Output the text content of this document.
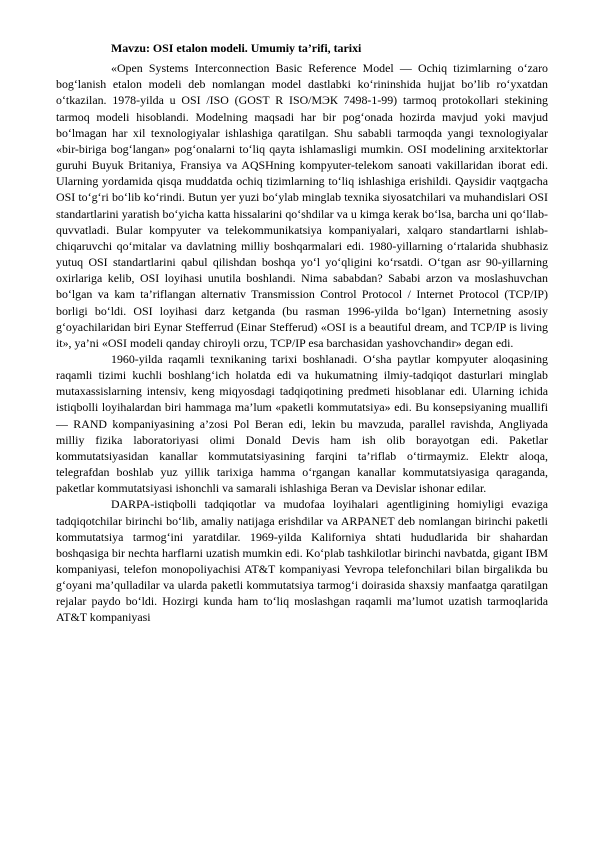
Mavzu: OSI etalon modeli. Umumiy ta’rifi, tarixi

«Open Systems Interconnection Basic Reference Model — Ochiq tizimlarning o‘zaro bog‘lanish etalon modeli deb nomlangan model dastlabki ko‘rininshida hujjat bo’lib ro‘yxatdan o‘tkazilan. 1978-yilda u OSI /ISO (GOST R ISO/МЭК 7498-1-99) tarmoq protokollari stekining tarmoq modeli hisoblandi. Modelning maqsadi har bir pog‘onada hozirda mavjud yoki mavjud bo‘lmagan har xil texnologiyalar ishlashiga qaratilgan. Shu sababli tarmoqda yangi texnologiyalar «bir-biriga bog‘langan» pog‘onalarni to‘liq qayta ishlamasligi mumkin. OSI modelining arxitektorlar guruhi Buyuk Britaniya, Fransiya va AQSHning kompyuter-telekom sanoati vakillaridan iborat edi. Ularning yordamida qisqa muddatda ochiq tizimlarning to‘liq ishlashiga erishildi. Qaysidir vaqtgacha OSI to‘g‘ri bo‘lib ko‘rindi. Butun yer yuzi bo‘ylab minglab texnika siyosatchilari va muhandislari OSI standartlarini yaratish bo‘yicha katta hissalarini qo‘shdilar va u kimga kerak bo‘lsa, barcha uni qo‘llab-quvvatladi. Bular kompyuter va telekommunikatsiya kompaniyalari, xalqaro standartlarni ishlab-chiqaruvchi qo‘mitalar va davlatning milliy boshqarmalari edi. 1980-yillarning o‘rtalarida shubhasiz yutuq OSI standartlarini qabul qilishdan boshqa yo‘l yo‘qligini ko‘rsatdi. O‘tgan asr 90-yillarning oxirlariga kelib, OSI loyihasi unutila boshlandi. Nima sababdan? Sababi arzon va moslashuvchan bo‘lgan va kam ta’riflangan alternativ Transmission Control Protocol / Internet Protocol (TCP/IP) borligi bo‘ldi. OSI loyihasi darz ketganda (bu rasman 1996-yilda bo‘lgan) Internetning asosiy g‘oyachilaridan biri Eynar Stefferrud (Einar Stefferud) «OSI is a beautiful dream, and TCP/IP is living it», ya’ni «OSI modeli qanday chiroyli orzu, TCP/IP esa barchasidan yashovchandir» degan edi.

1960-yilda raqamli texnikaning tarixi boshlanadi. O‘sha paytlar kompyuter aloqasining raqamli tizimi kuchli boshlang‘ich holatda edi va hukumatning ilmiy-tadqiqot dasturlari minglab mutaxassislarning intensiv, keng miqyosdagi tadqiqotining predmeti hisoblanar edi. Ularning ichida istiqbolli loyihalardan biri hammaga ma’lum «paketli kommutatsiya» edi. Bu konsepsiyaning muallifi — RAND kompaniyasining a’zosi Pol Beran edi, lekin bu mavzuda, parallel ravishda, Angliyada milliy fizika laboratoriyasi olimi Donald Devis ham ish olib borayotgan edi. Paketlar kommutatsiyasidan kanallar kommutatsiyasining farqini ta’riflab o‘tirmaymiz. Elektr aloqa, telegrafdan boshlab yuz yillik tarixiga hamma o‘rgangan kanallar kommutatsiyasiga qaraganda, paketlar kommutatsiyasi ishonchli va samarali ishlashiga Beran va Devislar ishonar edilar.

DARPA-istiqbolli tadqiqotlar va mudofaa loyihalari agentligining homiyligi evaziga tadqiqotchilar birinchi bo‘lib, amaliy natijaga erishdilar va ARPANET deb nomlangan birinchi paketli kommutatsiya tarmog‘ini yaratdilar. 1969-yilda Kaliforniya shtati hududlarida bir shahardan boshqasiga bir nechta harflarni uzatish mumkin edi. Ko‘plab tashkilotlar birinchi navbatda, gigant IBM kompaniyasi, telefon monopoliyachisi AT&T kompaniyasi Yevropa telefonchilari bilan birgalikda bu g‘oyani ma’qulladilar va ularda paketli kommutatsiya tarmog‘i doirasida shaxsiy manfaatga qaratilgan rejalar paydo bo‘ldi. Hozirgi kunda ham to‘liq moslashgan raqamli ma’lumot uzatish tarmoqlarida AT&T kompaniyasi
